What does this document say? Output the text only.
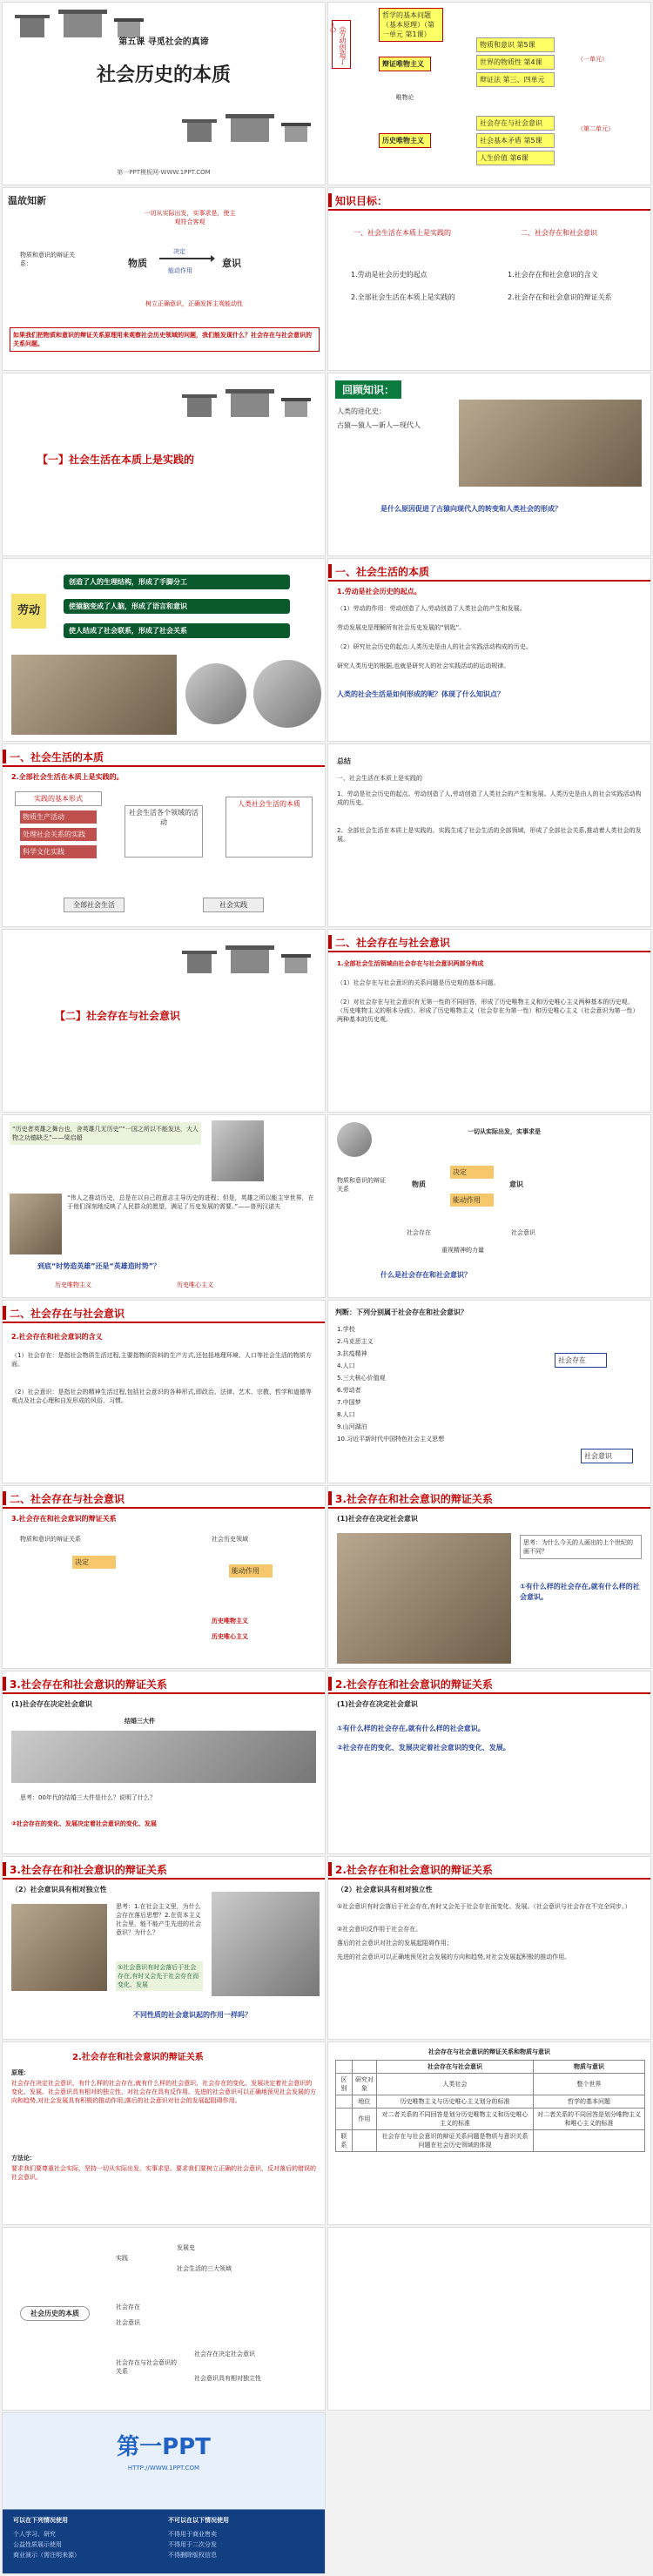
第五课 寻觅社会的真谛
社会历史的本质
第一PPT模板网-WWW.1PPT.COM
《劳动创造了人》
哲学的基本问题（基本原理）（第一单元 第1课）
辩证唯物主义
唯物论
历史唯物主义
物质和意识 第5课
世界的物质性 第4课
辩证法 第三、四单元
社会存在与社会意识
社会基本矛盾 第5课
人生价值 第6课
（一单元）
（第二单元）
温故知新
一切从实际出发，实事求是，使主观符合客观
物质和意识的辩证关系：	物质
决定
能动作用
意识
树立正确意识，正确发挥主观能动性
如果我们把物质和意识的辩证关系原理用来观察社会历史领域的问题，我们能发现什么？社会存在与社会意识的关系问题。
知识目标：
一、社会生活在本质上是实践的	二、社会存在和社会意识
1.劳动是社会历史的起点
2.全部社会生活在本质上是实践的
1.社会存在和社会意识的含义
2.社会存在和社会意识的辩证关系
【一】社会生活在本质上是实践的
回顾知识：
人类的进化史：
古猿—猿人—新人—现代人
是什么原因促进了古猿向现代人的转变和人类社会的形成？
劳动
创造了人的生理结构，形成了手脚分工
使猿脑变成了人脑，形成了语言和意识
使人结成了社会联系，形成了社会关系
一、社会生活的本质
1.劳动是社会历史的起点。
（1）劳动的作用：劳动创造了人,劳动创造了人类社会的产生和发展。
劳动发展史是理解所有社会历史发展的“钥匙”。
（2）研究社会历史的起点:人类历史是由人的社会实践活动构成的历史。
研究人类历史的根据,也就是研究人的社会实践活动的运动规律。
人类的社会生活是如何形成的呢？体现了什么知识点？
一、社会生活的本质
2.全部社会生活在本质上是实践的。
实践的基本形式
物质生产活动
处理社会关系的实践
科学文化实践
社会生活各个领域的活动
人类社会生活的本质
全部社会生活	社会实践
总结
一、社会生活在本质上是实践的
1、劳动是社会历史的起点。劳动创造了人,劳动创造了人类社会的产生和发展。人类历史是由人的社会实践活动构成的历史。
2、全部社会生活在本质上是实践的。实践生成了社会生活的全部领域，形成了全部社会关系,推动着人类社会的发展。
【二】社会存在与社会意识
二、社会存在与社会意识
1.全部社会生活领域由社会存在与社会意识两部分构成
（1）社会存在与社会意识的关系问题是历史观的基本问题。
（2）对社会存在与社会意识有无第一性的不同回答，形成了历史唯物主义和历史唯心主义两种基本的历史观。（历史唯物主义的根本分歧）。形成了历史唯物主义（社会存在为第一性）和历史唯心主义（社会意识为第一性）两种基本的历史观。
“历史者英雄之舞台也，舍英雄几无历史”“一国之所以不能发达，大人物之功德缺乏”——梁启超
“伟人之推动历史，总是在以自己的意志主导历史的进程；但是，英雄之所以能主宰世界，在于他们深刻地反映了人民群众的愿望，满足了历史发展的需要。”——普列汉诺夫
到底“时势造英雄”还是“英雄造时势”？
历史唯物主义	历史唯心主义
一切从实际出发，实事求是
物质和意识的辩证关系
物质
决定
能动作用
意识
社会存在	社会意识
重视精神的力量
什么是社会存在和社会意识？
二、社会存在与社会意识
2.社会存在和社会意识的含义
（1）社会存在：是指社会物质生活过程,主要指物质资料的生产方式,还包括地理环境、人口等社会生活的物质方面。
（2）社会意识：是指社会的精神生活过程,包括社会意识的各种形式,即政治、法律、艺术、宗教、哲学和道德等观点及社会心理和自发形成的风俗、习惯。
判断：下列分别属于社会存在和社会意识？
1.学校
2.马克思主义
3.抗疫精神
4.人口
5.三大核心价值观
6.劳动者
7.中国梦
8.人口
9.山河湖泊
10.习近平新时代中国特色社会主义思想
社会存在
社会意识
二、社会存在与社会意识
3.社会存在和社会意识的辩证关系
物质和意识的辩证关系	社会历史领域
决定
能动作用
历史唯物主义
历史唯心主义
3.社会存在和社会意识的辩证关系
(1)社会存在决定社会意识
思考：为什么今天的人画出的上个世纪的画不同？
①有什么样的社会存在,就有什么样的社会意识。
3.社会存在和社会意识的辩证关系
(1)社会存在决定社会意识
结婚三大件
思考：00年代的结婚三大件是什么？说明了什么？
②社会存在的变化、发展决定着社会意识的变化、发展
2.社会存在和社会意识的辩证关系
(1)社会存在决定社会意识
①有什么样的社会存在,就有什么样的社会意识。
②社会存在的变化、发展决定着社会意识的变化、发展。
3.社会存在和社会意识的辩证关系
（2）社会意识具有相对独立性
思考：1.在社会主义里，为什么会存在落后思想？2.在资本主义社会里，能不能产生先进的社会意识？为什么？
①社会意识有时会落后于社会存在,有时又会先于社会存在而变化、发展
不同性质的社会意识起的作用一样吗？
2.社会存在和社会意识的辩证关系
（2）社会意识具有相对独立性
①社会意识有时会落后于社会存在,有时又会先于社会存在而变化、发展。（社会意识与社会存在不完全同步。）
②社会意识反作用于社会存在。
落后的社会意识对社会的发展起阻碍作用；
先进的社会意识可以正确地预见社会发展的方向和趋势,对社会发展起积极的推动作用。
2.社会存在和社会意识的辩证关系
原理：
社会存在决定社会意识，有什么样的社会存在,就有什么样的社会意识，社会存在的变化、发展决定着社会意识的变化、发展。社会意识具有相对的独立性，对社会存在具有反作用。先进的社会意识可以正确地预见社会发展的方向和趋势,对社会发展具有积极的推动作用;落后的社会意识对社会的发展起阻碍作用。
方法论：
要求我们要尊重社会实际，坚持一切从实际出发，实事求是。要求我们要树立正确的社会意识，反对落后的错误的社会意识。
社会存在与社会意识的辩证关系和物质与意识
		社会存在与社会意识	物质与意识
区别	研究对象	人类社会	整个世界
	地位	历史唯物主义与历史唯心主义划分的标准	哲学的基本问题
	作用	对二者关系的不同回答是划分历史唯物主义和历史唯心主义的标准	对二者关系的不同回答是划分唯物主义和唯心主义的标准
联系		社会存在与社会意识的辩证关系问题是物质与意识关系问题在社会历史领域的体现	
社会历史的本质
实践
发展史
社会生活的三大领域
社会存在
社会意识
社会存在与社会意识的关系
社会存在决定社会意识
社会意识具有相对独立性
第一PPT
HTTP://WWW.1PPT.COM
可以在下列情况使用	不可以在以下情况使用
个人学习、研究
公益性质展示使用
商业演示（需注明来源）
不得用于商业售卖
不得用于二次分发
不得删除版权信息
